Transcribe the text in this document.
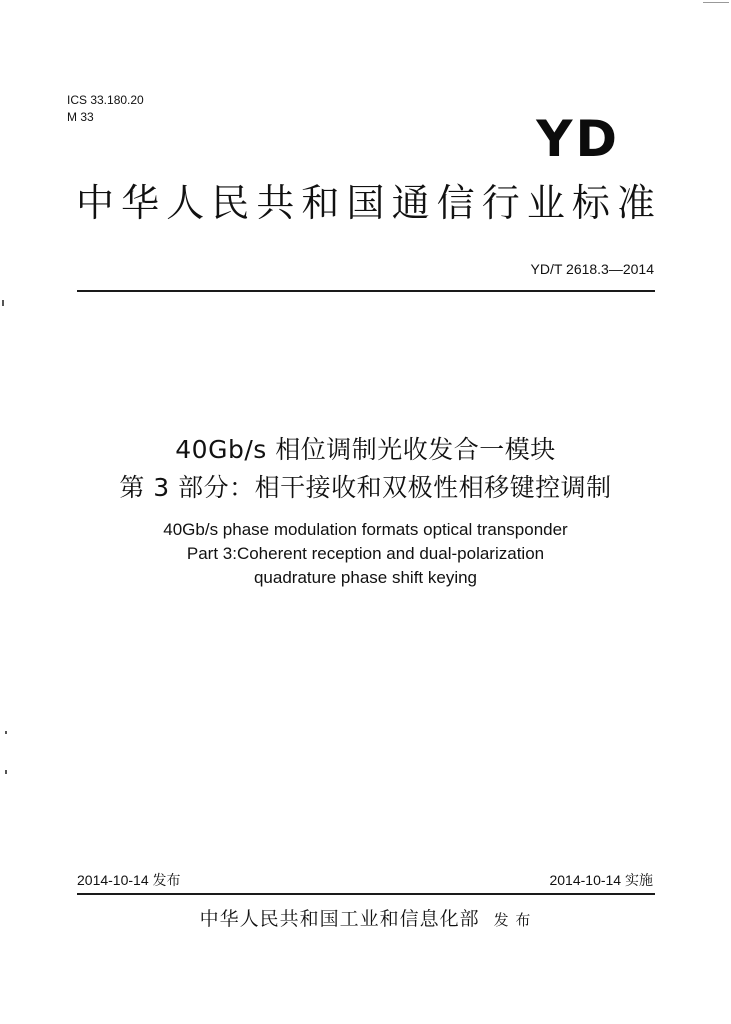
ICS 33.180.20
M 33	YD
中华人民共和国通信行业标准
YD/T 2618.3—2014
40Gb/s 相位调制光收发合一模块
第 3 部分：相干接收和双极性相移键控调制
40Gb/s phase modulation formats optical transponder
Part 3:Coherent reception and dual-polarization
quadrature phase shift keying
2014-10-14 发布	2014-10-14 实施
中华人民共和国工业和信息化部 发 布
